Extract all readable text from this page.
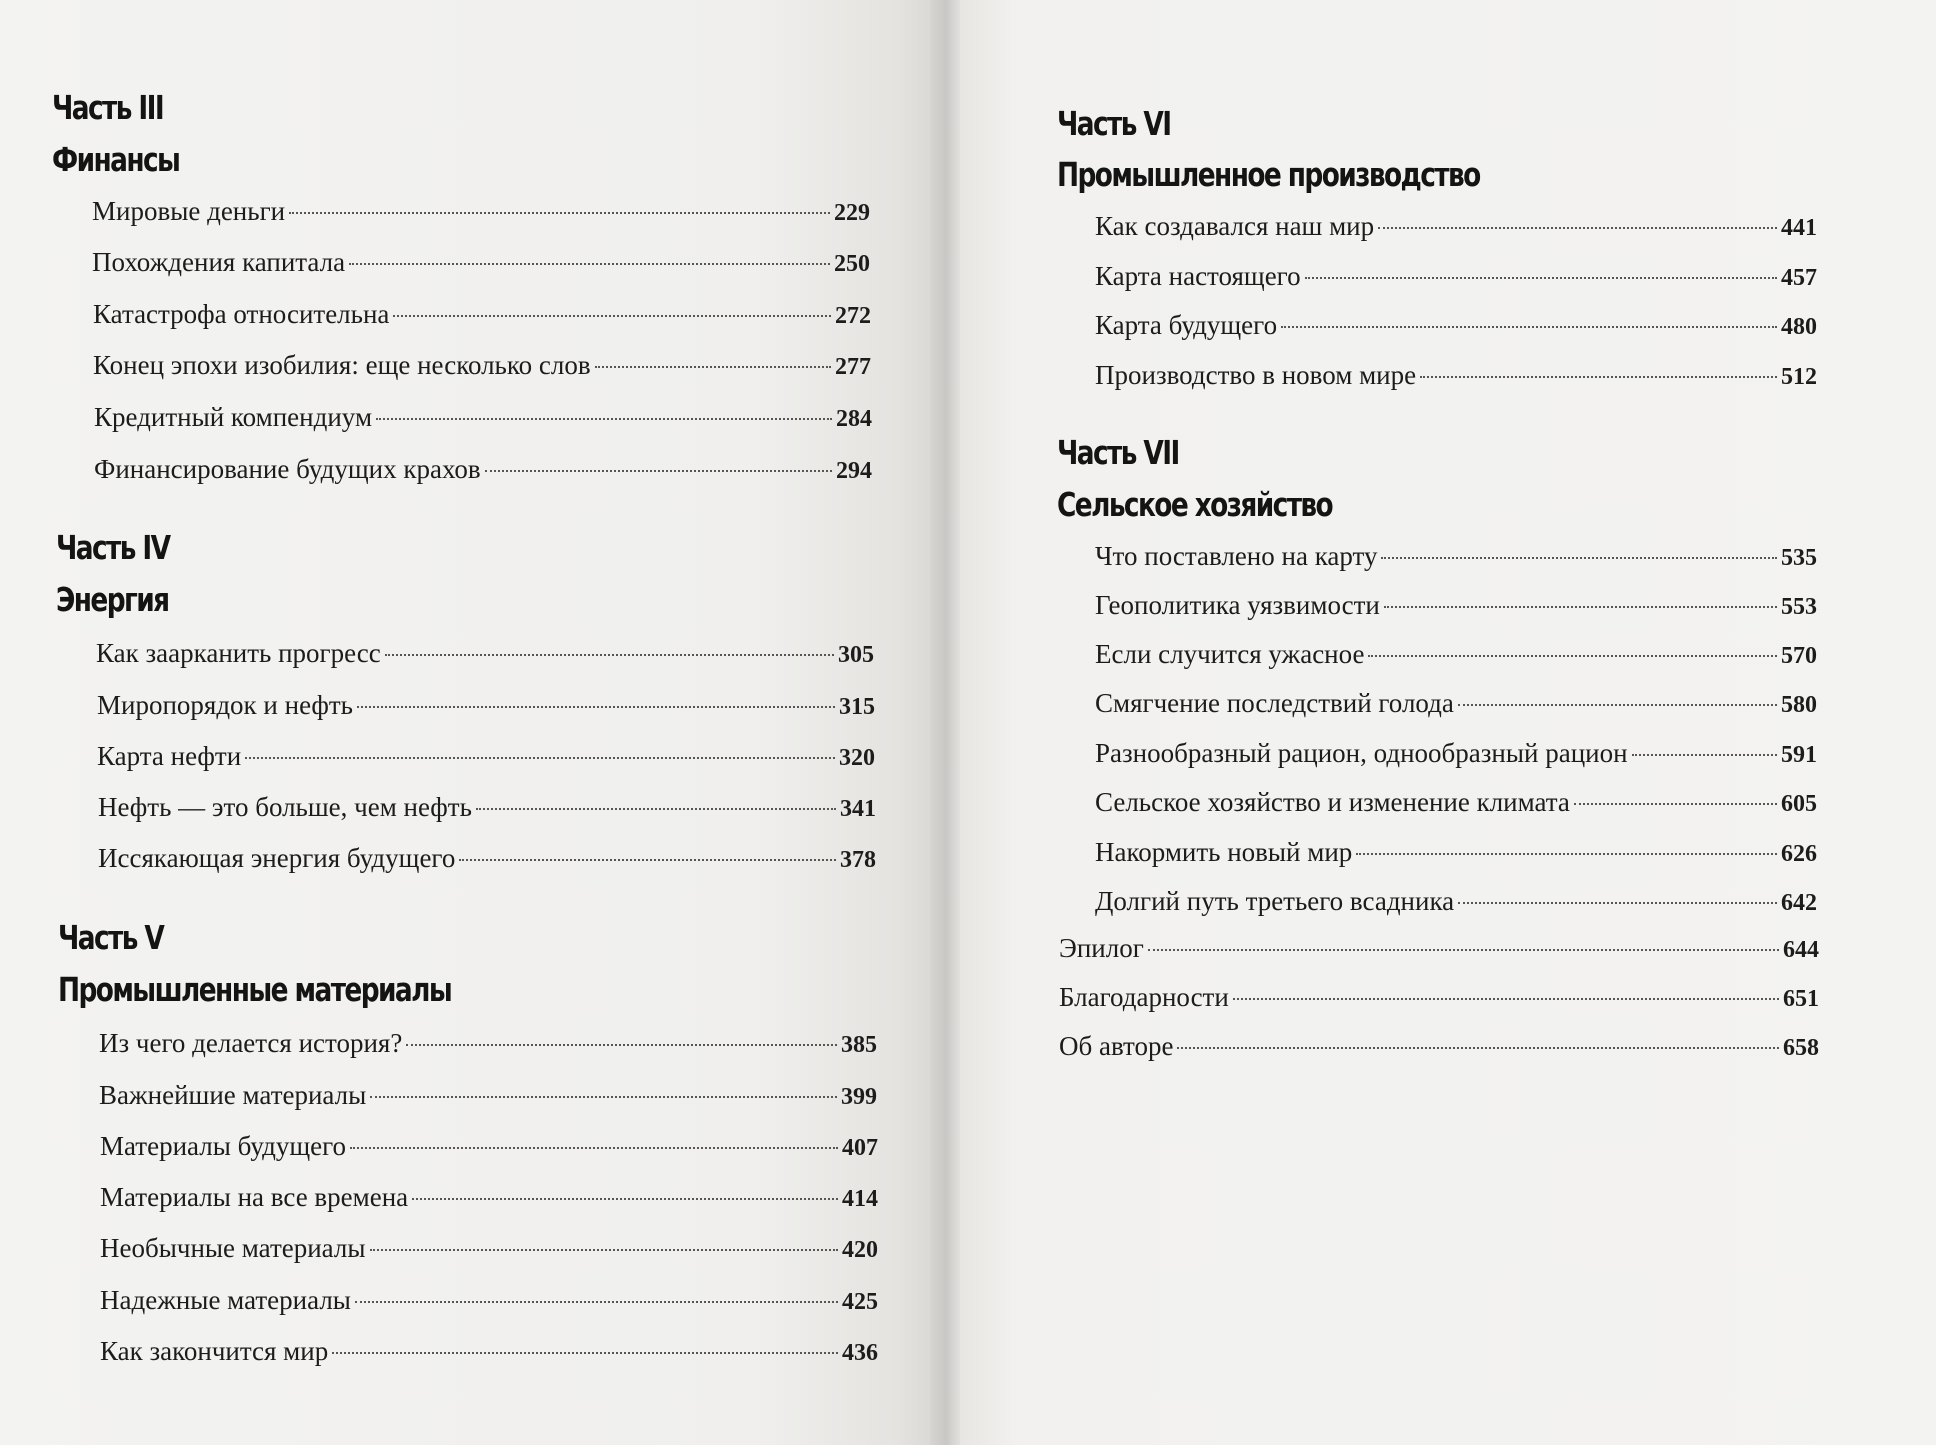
Часть III
Финансы
Мировые деньги	229
Похождения капитала	250
Катастрофа относительна	272
Конец эпохи изобилия: еще несколько слов	277
Кредитный компендиум	284
Финансирование будущих крахов	294
Часть IV
Энергия
Как заарканить прогресс	305
Миропорядок и нефть	315
Карта нефти	320
Нефть — это больше, чем нефть	341
Иссякающая энергия будущего	378
Часть V
Промышленные материалы
Из чего делается история?	385
Важнейшие материалы	399
Материалы будущего	407
Материалы на все времена	414
Необычные материалы	420
Надежные материалы	425
Как закончится мир	436
Часть VI
Промышленное производство
Как создавался наш мир	441
Карта настоящего	457
Карта будущего	480
Производство в новом мире	512
Часть VII
Сельское хозяйство
Что поставлено на карту	535
Геополитика уязвимости	553
Если случится ужасное	570
Смягчение последствий голода	580
Разнообразный рацион, однообразный рацион	591
Сельское хозяйство и изменение климата	605
Накормить новый мир	626
Долгий путь третьего всадника	642
Эпилог	644
Благодарности	651
Об авторе	658
